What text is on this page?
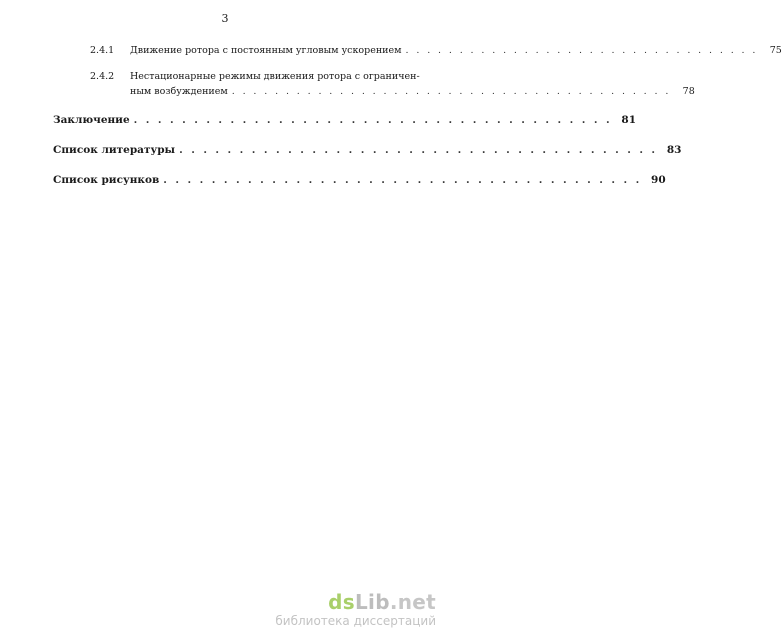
3
2.4.1	Движение ротора с постоянным угловым ускорением . . . . . . . . . . . . . . . . . . . . . . . . . . . . . . . . .	75
2.4.2	Нестационарные режимы движения ротора с ограничен-
ным возбуждением . . . . . . . . . . . . . . . . . . . . . . . . . . . . . . . . . . . . . . . . .	78
Заключение . . . . . . . . . . . . . . . . . . . . . . . . . . . . . . . . . . . . . . . . 81
Список литературы . . . . . . . . . . . . . . . . . . . . . . . . . . . . . . . . . . . . . . . . 83
Список рисунков . . . . . . . . . . . . . . . . . . . . . . . . . . . . . . . . . . . . . . . . 90
dsLib.net
библиотека диссертаций
